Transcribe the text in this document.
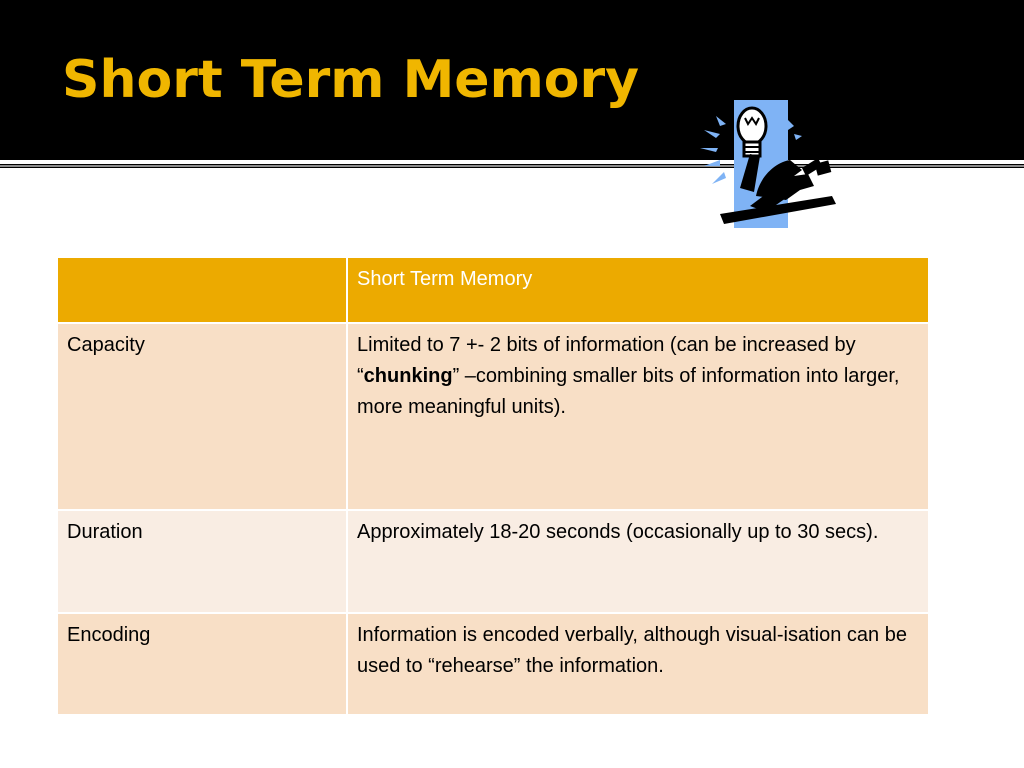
Short Term Memory
	Short Term Memory
Capacity	Limited to 7 +- 2 bits of information (can be increased by “chunking” –combining smaller bits of information into larger, more meaningful units).
Duration	Approximately 18-20 seconds (occasionally up to 30 secs).
Encoding	Information is encoded verbally, although visual-isation can be used to “rehearse” the information.
